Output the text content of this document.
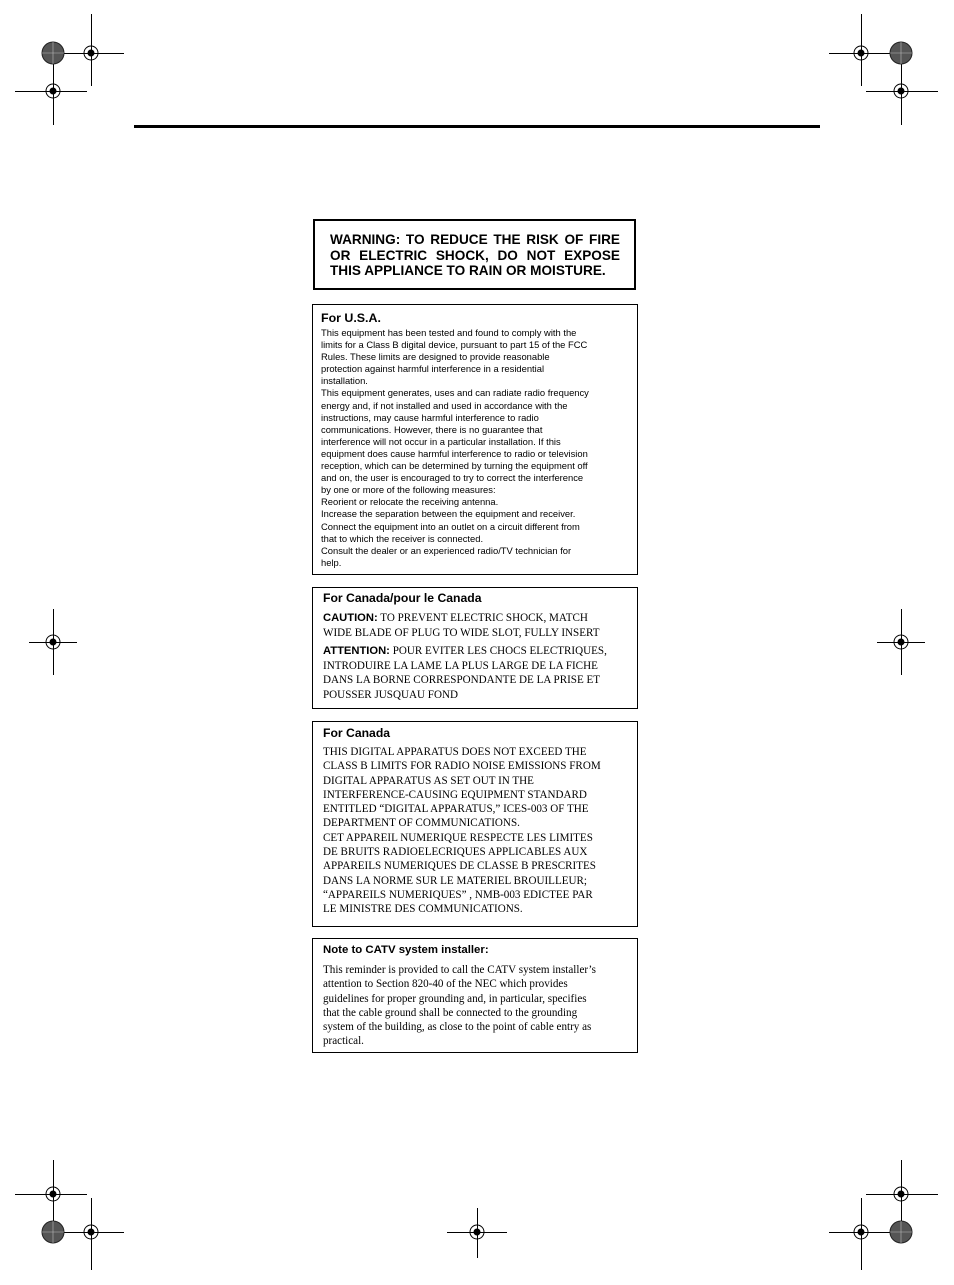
WARNING: TO REDUCE THE RISK OF FIRE OR ELECTRIC SHOCK, DO NOT EXPOSE THIS APPLIANCE TO RAIN OR MOISTURE.
For U.S.A.

This equipment has been tested and found to comply with the
limits for a Class B digital device, pursuant to part 15 of the FCC
Rules. These limits are designed to provide reasonable
protection against harmful interference in a residential
installation.
This equipment generates, uses and can radiate radio frequency
energy and, if not installed and used in accordance with the
instructions, may cause harmful interference to radio
communications. However, there is no guarantee that
interference will not occur in a particular installation. If this
equipment does cause harmful interference to radio or television
reception, which can be determined by turning the equipment off
and on, the user is encouraged to try to correct the interference
by one or more of the following measures:
Reorient or relocate the receiving antenna.
Increase the separation between the equipment and receiver.
Connect the equipment into an outlet on a circuit different from
that to which the receiver is connected.
Consult the dealer or an experienced radio/TV technician for
help.

For Canada/pour le Canada

CAUTION: TO PREVENT ELECTRIC SHOCK, MATCH
WIDE BLADE OF PLUG TO WIDE SLOT, FULLY INSERT

ATTENTION: POUR EVITER LES CHOCS ELECTRIQUES,
INTRODUIRE LA LAME LA PLUS LARGE DE LA FICHE
DANS LA BORNE CORRESPONDANTE DE LA PRISE ET
POUSSER JUSQUAU FOND

For Canada

THIS DIGITAL APPARATUS DOES NOT EXCEED THE
CLASS B LIMITS FOR RADIO NOISE EMISSIONS FROM
DIGITAL APPARATUS AS SET OUT IN THE
INTERFERENCE-CAUSING EQUIPMENT STANDARD
ENTITLED “DIGITAL APPARATUS,” ICES-003 OF THE
DEPARTMENT OF COMMUNICATIONS.
CET APPAREIL NUMERIQUE RESPECTE LES LIMITES
DE BRUITS RADIOELECRIQUES APPLICABLES AUX
APPAREILS NUMERIQUES DE CLASSE B PRESCRITES
DANS LA NORME SUR LE MATERIEL BROUILLEUR;
“APPAREILS NUMERIQUES” , NMB-003 EDICTEE PAR
LE MINISTRE DES COMMUNICATIONS.

Note to CATV system installer:

This reminder is provided to call the CATV system installer’s
attention to Section 820-40 of the NEC which provides
guidelines for proper grounding and, in particular, specifies
that the cable ground shall be connected to the grounding
system of the building, as close to the point of cable entry as
practical.
